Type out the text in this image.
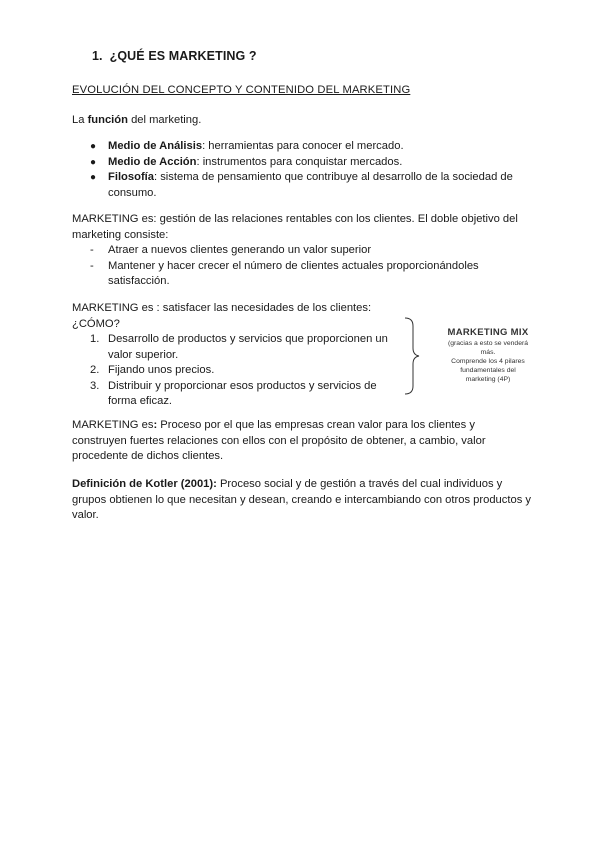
1. ¿QUÉ ES MARKETING ?
EVOLUCIÓN DEL CONCEPTO Y CONTENIDO DEL MARKETING
La función del marketing.
● Medio de Análisis: herramientas para conocer el mercado.
● Medio de Acción: instrumentos para conquistar mercados.
● Filosofía: sistema de pensamiento que contribuye al desarrollo de la sociedad de consumo.
MARKETING es: gestión de las relaciones rentables con los clientes. El doble objetivo del marketing consiste:
- Atraer a nuevos clientes generando un valor superior
- Mantener y hacer crecer el número de clientes actuales proporcionándoles satisfacción.
MARKETING es : satisfacer las necesidades de los clientes:
¿CÓMO?
1. Desarrollo de productos y servicios que proporcionen un valor superior.
2. Fijando unos precios.
3. Distribuir y proporcionar esos productos y servicios de forma eficaz.
MARKETING MIX
(gracias a esto se venderá
más.
Comprende los 4 pilares
fundamentales del
marketing (4P)
MARKETING es: Proceso por el que las empresas crean valor para los clientes y construyen fuertes relaciones con ellos con el propósito de obtener, a cambio, valor procedente de dichos clientes.
Definición de Kotler (2001): Proceso social y de gestión a través del cual individuos y grupos obtienen lo que necesitan y desean, creando e intercambiando con otros productos y valor.
